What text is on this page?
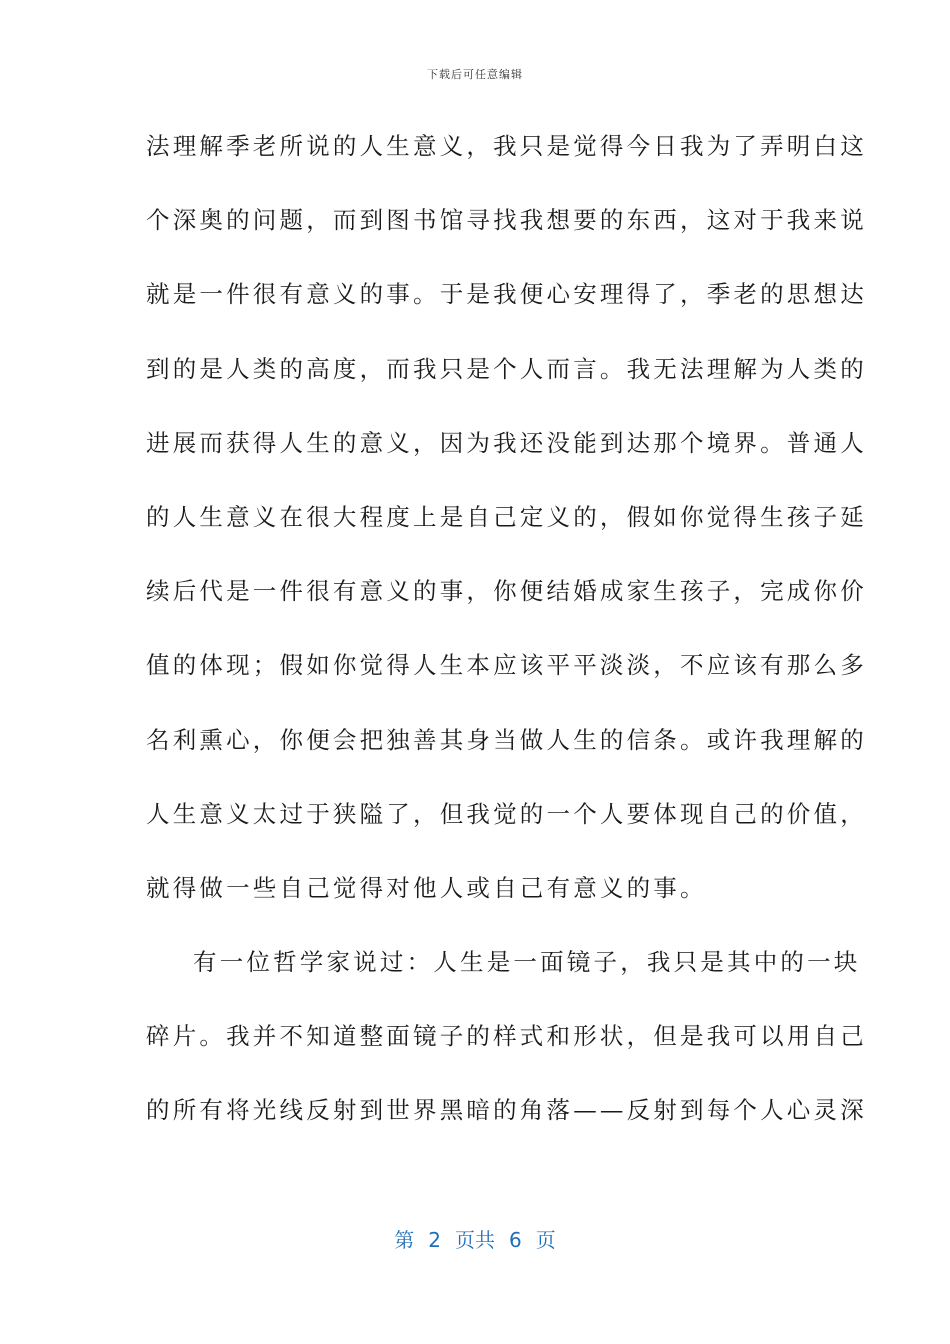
下载后可任意编辑
法理解季老所说的人生意义，我只是觉得今日我为了弄明白这
个深奥的问题，而到图书馆寻找我想要的东西，这对于我来说
就是一件很有意义的事。于是我便心安理得了，季老的思想达
到的是人类的高度，而我只是个人而言。我无法理解为人类的
进展而获得人生的意义，因为我还没能到达那个境界。普通人
的人生意义在很大程度上是自己定义的，假如你觉得生孩子延
续后代是一件很有意义的事，你便结婚成家生孩子，完成你价
值的体现；假如你觉得人生本应该平平淡淡，不应该有那么多
名利熏心，你便会把独善其身当做人生的信条。或许我理解的
人生意义太过于狭隘了，但我觉的一个人要体现自己的价值，
就得做一些自己觉得对他人或自己有意义的事。
有一位哲学家说过：人生是一面镜子，我只是其中的一块
碎片。我并不知道整面镜子的样式和形状，但是我可以用自己
的所有将光线反射到世界黑暗的角落——反射到每个人心灵深
第 2 页共 6 页
